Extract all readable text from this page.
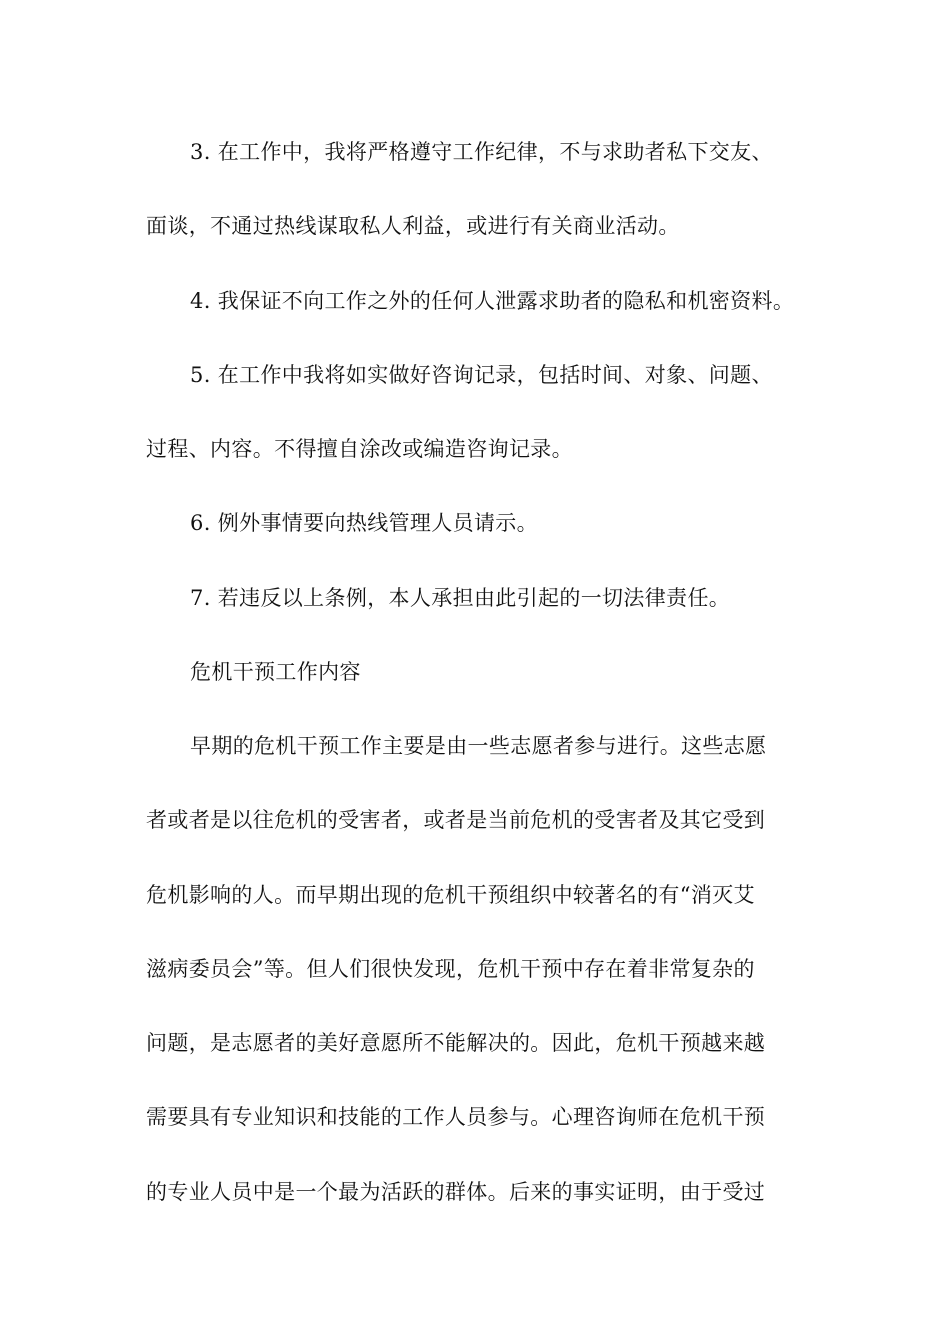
3. 在工作中，我将严格遵守工作纪律，不与求助者私下交友、
面谈，不通过热线谋取私人利益，或进行有关商业活动。
4. 我保证不向工作之外的任何人泄露求助者的隐私和机密资料。
5. 在工作中我将如实做好咨询记录，包括时间、对象、问题、
过程、内容。不得擅自涂改或编造咨询记录。
6. 例外事情要向热线管理人员请示。
7. 若违反以上条例，本人承担由此引起的一切法律责任。
危机干预工作内容
早期的危机干预工作主要是由一些志愿者参与进行。这些志愿
者或者是以往危机的受害者，或者是当前危机的受害者及其它受到
危机影响的人。而早期出现的危机干预组织中较著名的有“消灭艾
滋病委员会”等。但人们很快发现，危机干预中存在着非常复杂的
问题，是志愿者的美好意愿所不能解决的。因此，危机干预越来越
需要具有专业知识和技能的工作人员参与。心理咨询师在危机干预
的专业人员中是一个最为活跃的群体。后来的事实证明，由于受过
